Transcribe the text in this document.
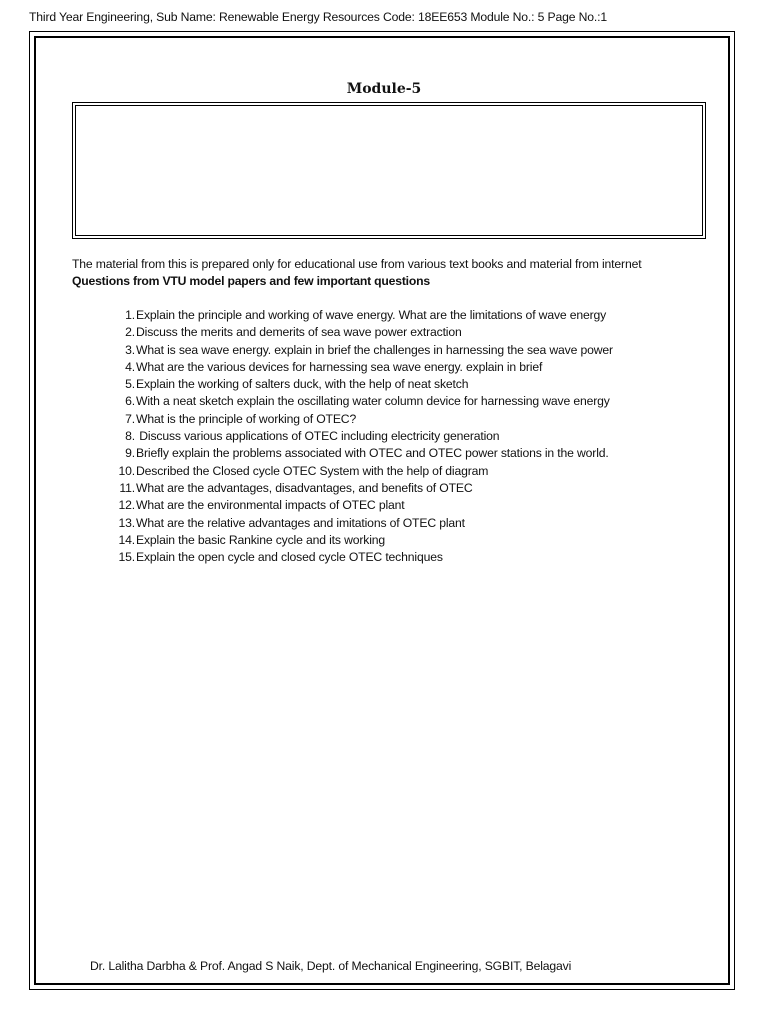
Third Year Engineering, Sub Name: Renewable Energy Resources Code: 18EE653 Module No.: 5 Page No.:1
Module-5
The material from this is prepared only for educational use from various text books and material from internet
Questions from VTU model papers and few important questions
1. Explain the principle and working of wave energy. What are the limitations of wave energy
2. Discuss the merits and demerits of sea wave power extraction
3. What is sea wave energy. explain in brief the challenges in harnessing the sea wave power
4. What are the various devices for harnessing sea wave energy. explain in brief
5. Explain the working of salters duck, with the help of neat sketch
6. With a neat sketch explain the oscillating water column device for harnessing wave energy
7. What is the principle of working of OTEC?
8. Discuss various applications of OTEC including electricity generation
9. Briefly explain the problems associated with OTEC and OTEC power stations in the world.
10. Described the Closed cycle OTEC System with the help of diagram
11. What are the advantages, disadvantages, and benefits of OTEC
12. What are the environmental impacts of OTEC plant
13. What are the relative advantages and imitations of OTEC plant
14. Explain the basic Rankine cycle and its working
15. Explain the open cycle and closed cycle OTEC techniques
Dr. Lalitha Darbha & Prof. Angad S Naik, Dept. of Mechanical Engineering, SGBIT, Belagavi
